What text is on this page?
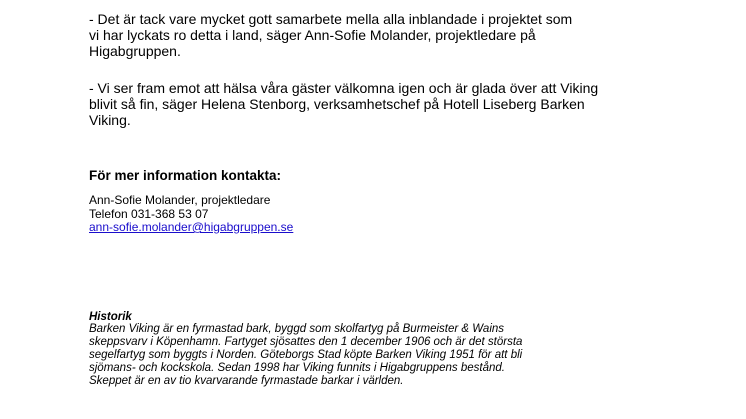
- Det är tack vare mycket gott samarbete mella alla inblandade i projektet som
vi har lyckats ro detta i land, säger Ann-Sofie Molander, projektledare på
Higabgruppen.

- Vi ser fram emot att hälsa våra gäster välkomna igen och är glada över att Viking
blivit så fin, säger Helena Stenborg, verksamhetschef på Hotell Liseberg Barken
Viking.

För mer information kontakta:
Ann-Sofie Molander, projektledare
Telefon 031-368 53 07
ann-sofie.molander@higabgruppen.se
Historik
Barken Viking är en fyrmastad bark, byggd som skolfartyg på Burmeister & Wains
skeppsvarv i Köpenhamn. Fartyget sjösattes den 1 december 1906 och är det största
segelfartyg som byggts i Norden. Göteborgs Stad köpte Barken Viking 1951 för att bli
sjömans- och kockskola. Sedan 1998 har Viking funnits i Higabgruppens bestånd.
Skeppet är en av tio kvarvarande fyrmastade barkar i världen.
